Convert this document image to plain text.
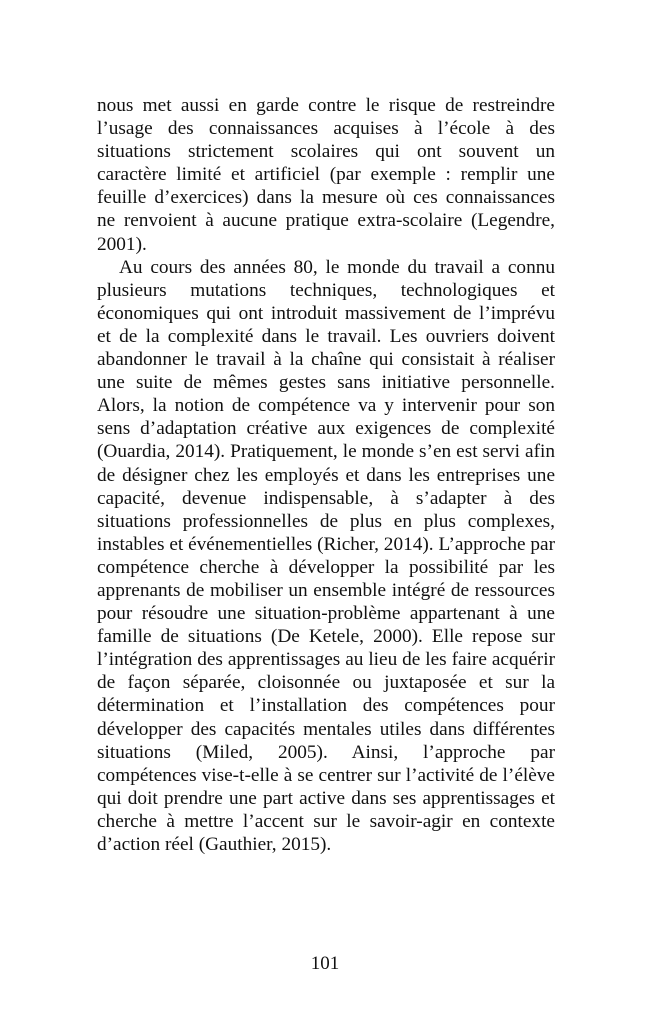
nous met aussi en garde contre le risque de restreindre l’usage des connaissances acquises à l’école à des situations strictement scolaires qui ont souvent un caractère limité et artificiel (par exemple : remplir une feuille d’exercices) dans la mesure où ces connaissances ne renvoient à aucune pratique extra-scolaire (Legendre, 2001).

Au cours des années 80, le monde du travail a connu plusieurs mutations techniques, technologiques et économiques qui ont introduit massivement de l’imprévu et de la complexité dans le travail. Les ouvriers doivent abandonner le travail à la chaîne qui consistait à réaliser une suite de mêmes gestes sans initiative personnelle. Alors, la notion de compétence va y intervenir pour son sens d’adaptation créative aux exigences de complexité (Ouardia, 2014). Pratiquement, le monde s’en est servi afin de désigner chez les employés et dans les entreprises une capacité, devenue indispensable, à s’adapter à des situations professionnelles de plus en plus complexes, instables et événementielles (Richer, 2014). L’approche par compétence cherche à développer la possibilité par les apprenants de mobiliser un ensemble intégré de ressources pour résoudre une situation-problème appartenant à une famille de situations (De Ketele, 2000). Elle repose sur l’intégration des apprentissages au lieu de les faire acquérir de façon séparée, cloisonnée ou juxtaposée et sur la détermination et l’installation des compétences pour développer des capacités mentales utiles dans différentes situations (Miled, 2005). Ainsi, l’approche par compétences vise-t-elle à se centrer sur l’activité de l’élève qui doit prendre une part active dans ses apprentissages et cherche à mettre l’accent sur le savoir-agir en contexte d’action réel (Gauthier, 2015).

101
